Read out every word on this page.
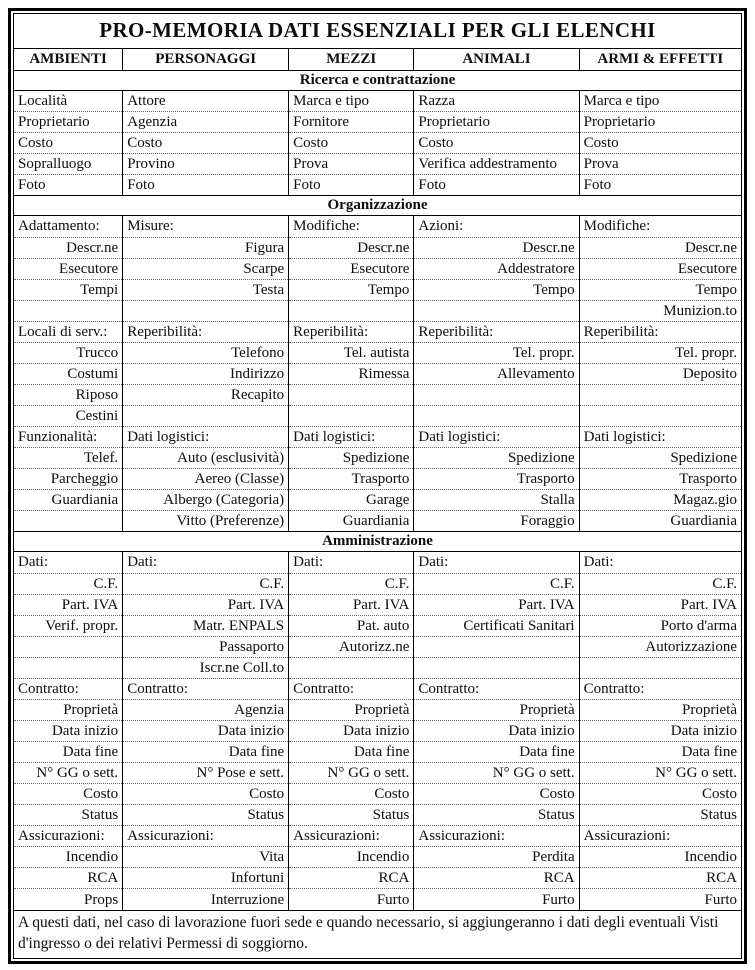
PRO-MEMORIA DATI ESSENZIALI PER GLI ELENCHI				
AMBIENTI	PERSONAGGI	MEZZI	ANIMALI	ARMI & EFFETTI
Ricerca e contrattazione				
Località	Attore	Marca e tipo	Razza	Marca e tipo
Proprietario	Agenzia	Fornitore	Proprietario	Proprietario
Costo	Costo	Costo	Costo	Costo
Sopralluogo	Provino	Prova	Verifica addestramento	Prova
Foto	Foto	Foto	Foto	Foto
Organizzazione				
Adattamento:	Misure:	Modifiche:	Azioni:	Modifiche:
Descr.ne	Figura	Descr.ne	Descr.ne	Descr.ne
Esecutore	Scarpe	Esecutore	Addestratore	Esecutore
Tempi	Testa	Tempo	Tempo	Tempo
				Munizion.to
Locali di serv.:	Reperibilità:	Reperibilità:	Reperibilità:	Reperibilità:
Trucco	Telefono	Tel. autista	Tel. propr.	Tel. propr.
Costumi	Indirizzo	Rimessa	Allevamento	Deposito
Riposo	Recapito			
Cestini				
Funzionalità:	Dati logistici:	Dati logistici:	Dati logistici:	Dati logistici:
Telef.	Auto (esclusività)	Spedizione	Spedizione	Spedizione
Parcheggio	Aereo (Classe)	Trasporto	Trasporto	Trasporto
Guardiania	Albergo (Categoria)	Garage	Stalla	Magaz.gio
	Vitto (Preferenze)	Guardiania	Foraggio	Guardiania
Amministrazione				
Dati:	Dati:	Dati:	Dati:	Dati:
C.F.	C.F.	C.F.	C.F.	C.F.
Part. IVA	Part. IVA	Part. IVA	Part. IVA	Part. IVA
Verif. propr.	Matr. ENPALS	Pat. auto	Certificati Sanitari	Porto d'arma
	Passaporto	Autorizz.ne		Autorizzazione
	Iscr.ne Coll.to			
Contratto:	Contratto:	Contratto:	Contratto:	Contratto:
Proprietà	Agenzia	Proprietà	Proprietà	Proprietà
Data inizio	Data inizio	Data inizio	Data inizio	Data inizio
Data fine	Data fine	Data fine	Data fine	Data fine
N° GG o sett.	N° Pose e sett.	N° GG o sett.	N° GG o sett.	N° GG o sett.
Costo	Costo	Costo	Costo	Costo
Status	Status	Status	Status	Status
Assicurazioni:	Assicurazioni:	Assicurazioni:	Assicurazioni:	Assicurazioni:
Incendio	Vita	Incendio	Perdita	Incendio
RCA	Infortuni	RCA	RCA	RCA
Props	Interruzione	Furto	Furto	Furto
A questi dati, nel caso di lavorazione fuori sede e quando necessario, si aggiungeranno i dati degli eventuali Visti d'ingresso o dei relativi Permessi di soggiorno.				
